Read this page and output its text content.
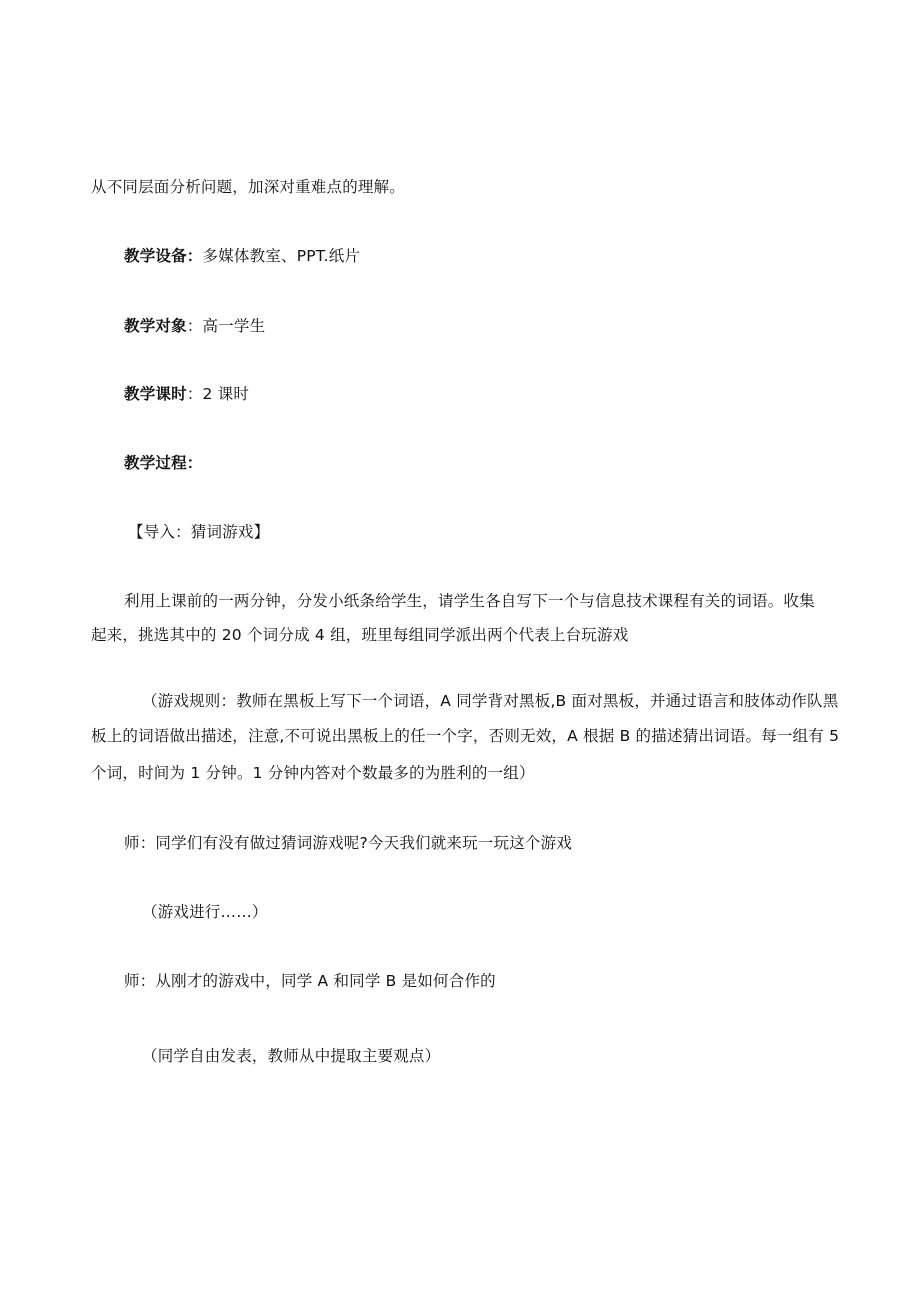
从不同层面分析问题，加深对重难点的理解。
教学设备：多媒体教室、PPT.纸片
教学对象：高一学生
教学课时：2 课时
教学过程：
【导入：猜词游戏】
利用上课前的一两分钟，分发小纸条给学生，请学生各自写下一个与信息技术课程有关的词语。收集
起来，挑选其中的 20 个词分成 4 组，班里每组同学派出两个代表上台玩游戏
（游戏规则：教师在黑板上写下一个词语，A 同学背对黑板,B 面对黑板，并通过语言和肢体动作队黑
板上的词语做出描述，注意,不可说出黑板上的任一个字，否则无效，A 根据 B 的描述猜出词语。每一组有 5
个词，时间为 1 分钟。1 分钟内答对个数最多的为胜利的一组）
师：同学们有没有做过猜词游戏呢?今天我们就来玩一玩这个游戏
（游戏进行……）
师：从刚才的游戏中，同学 A 和同学 B 是如何合作的
（同学自由发表，教师从中提取主要观点）
